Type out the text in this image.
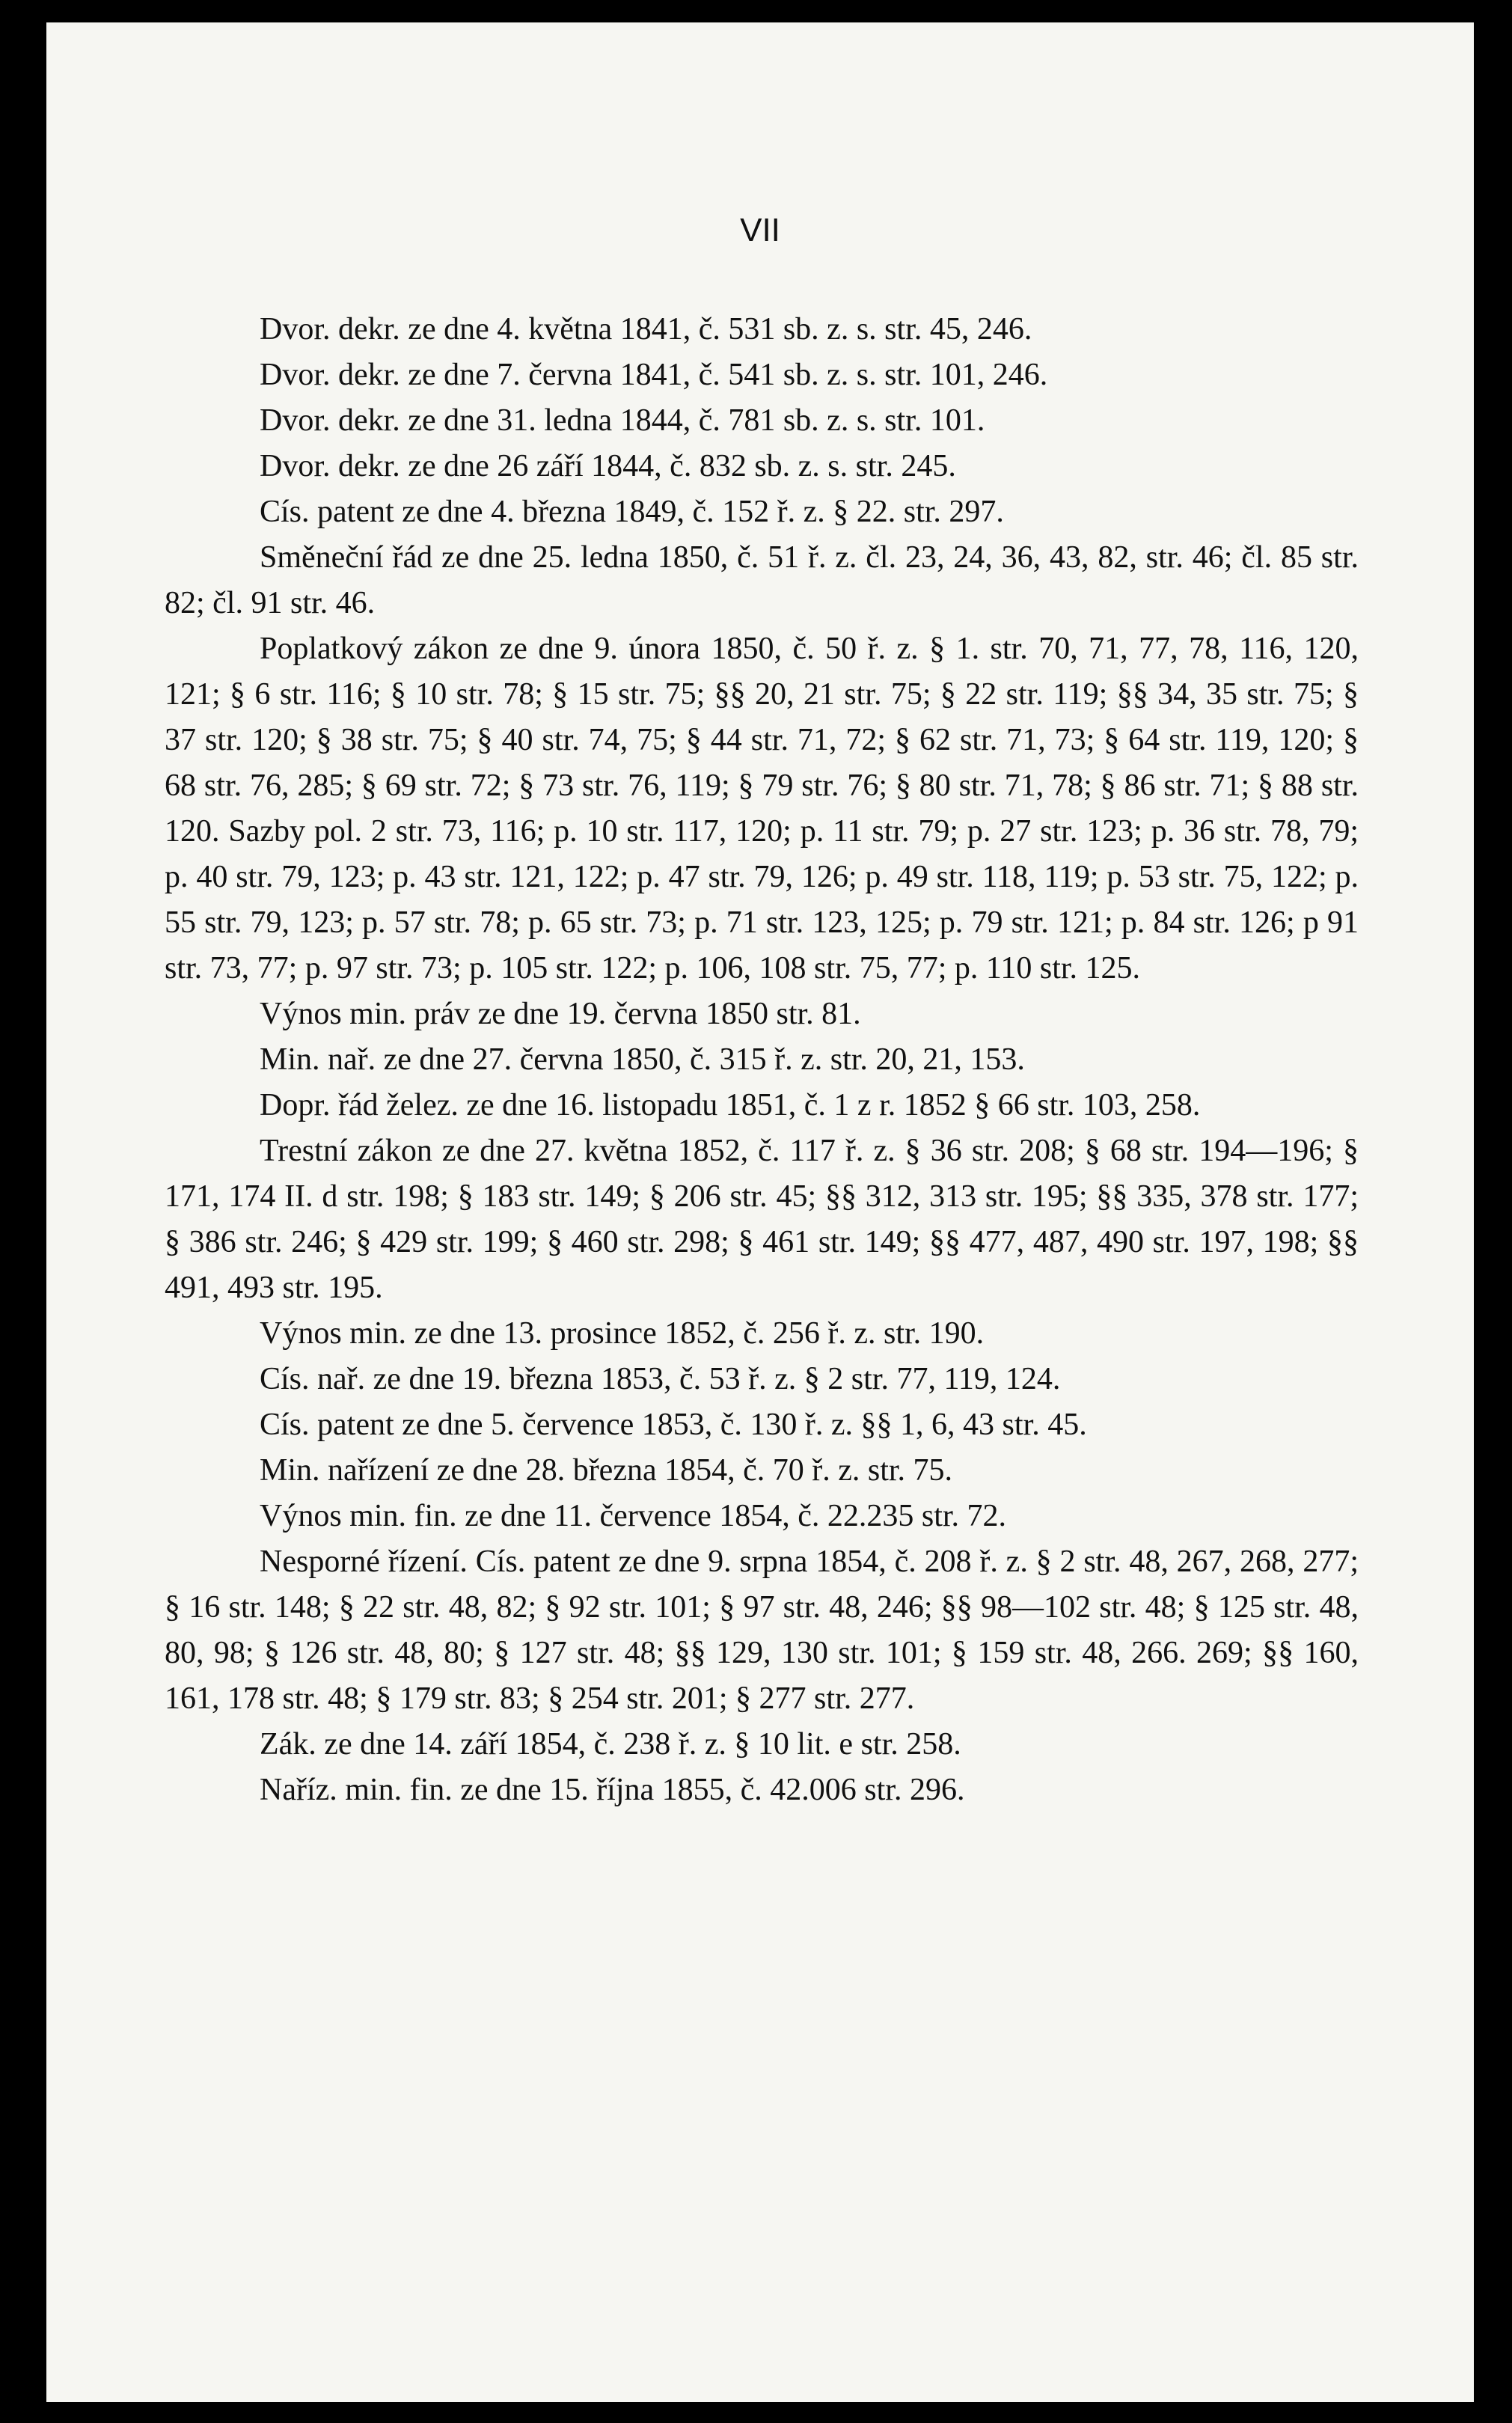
VII

Dvor. dekr. ze dne 4. května 1841, č. 531 sb. z. s. str. 45, 246.

Dvor. dekr. ze dne 7. června 1841, č. 541 sb. z. s. str. 101, 246.

Dvor. dekr. ze dne 31. ledna 1844, č. 781 sb. z. s. str. 101.

Dvor. dekr. ze dne 26 září 1844, č. 832 sb. z. s. str. 245.

Cís. patent ze dne 4. března 1849, č. 152 ř. z. § 22. str. 297.

Směneční řád ze dne 25. ledna 1850, č. 51 ř. z. čl. 23, 24, 36, 43, 82, str. 46; čl. 85 str. 82; čl. 91 str. 46.

Poplatkový zákon ze dne 9. února 1850, č. 50 ř. z. § 1. str. 70, 71, 77, 78, 116, 120, 121; § 6 str. 116; § 10 str. 78; § 15 str. 75; §§ 20, 21 str. 75; § 22 str. 119; §§ 34, 35 str. 75; § 37 str. 120; § 38 str. 75; § 40 str. 74, 75; § 44 str. 71, 72; § 62 str. 71, 73; § 64 str. 119, 120; § 68 str. 76, 285; § 69 str. 72; § 73 str. 76, 119; § 79 str. 76; § 80 str. 71, 78; § 86 str. 71; § 88 str. 120. Sazby pol. 2 str. 73, 116; p. 10 str. 117, 120; p. 11 str. 79; p. 27 str. 123; p. 36 str. 78, 79; p. 40 str. 79, 123; p. 43 str. 121, 122; p. 47 str. 79, 126; p. 49 str. 118, 119; p. 53 str. 75, 122; p. 55 str. 79, 123; p. 57 str. 78; p. 65 str. 73; p. 71 str. 123, 125; p. 79 str. 121; p. 84 str. 126; p 91 str. 73, 77; p. 97 str. 73; p. 105 str. 122; p. 106, 108 str. 75, 77; p. 110 str. 125.

Výnos min. práv ze dne 19. června 1850 str. 81.

Min. nař. ze dne 27. června 1850, č. 315 ř. z. str. 20, 21, 153.

Dopr. řád želez. ze dne 16. listopadu 1851, č. 1 z r. 1852 § 66 str. 103, 258.

Trestní zákon ze dne 27. května 1852, č. 117 ř. z. § 36 str. 208; § 68 str. 194—196; § 171, 174 II. d str. 198; § 183 str. 149; § 206 str. 45; §§ 312, 313 str. 195; §§ 335, 378 str. 177; § 386 str. 246; § 429 str. 199; § 460 str. 298; § 461 str. 149; §§ 477, 487, 490 str. 197, 198; §§ 491, 493 str. 195.

Výnos min. ze dne 13. prosince 1852, č. 256 ř. z. str. 190.

Cís. nař. ze dne 19. března 1853, č. 53 ř. z. § 2 str. 77, 119, 124.

Cís. patent ze dne 5. července 1853, č. 130 ř. z. §§ 1, 6, 43 str. 45.

Min. nařízení ze dne 28. března 1854, č. 70 ř. z. str. 75.

Výnos min. fin. ze dne 11. července 1854, č. 22.235 str. 72.

Nesporné řízení. Cís. patent ze dne 9. srpna 1854, č. 208 ř. z. § 2 str. 48, 267, 268, 277; § 16 str. 148; § 22 str. 48, 82; § 92 str. 101; § 97 str. 48, 246; §§ 98—102 str. 48; § 125 str. 48, 80, 98; § 126 str. 48, 80; § 127 str. 48; §§ 129, 130 str. 101; § 159 str. 48, 266. 269; §§ 160, 161, 178 str. 48; § 179 str. 83; § 254 str. 201; § 277 str. 277.

Zák. ze dne 14. září 1854, č. 238 ř. z. § 10 lit. e str. 258.

Naříz. min. fin. ze dne 15. října 1855, č. 42.006 str. 296.
